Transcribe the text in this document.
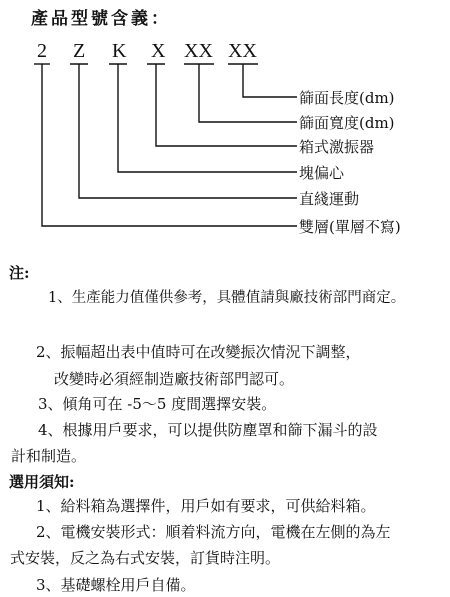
產品型號含義：
2 Z K X XX XX
篩面長度(dm)
篩面寬度(dm)
箱式激振器
塊偏心
直綫運動
雙層(單層不寫)
注:
1、生產能力值僅供參考，具體值請與廠技術部門商定。
2、振幅超出表中值時可在改變振次情況下調整，
改變時必須經制造廠技術部門認可。
3、傾角可在 -5～5 度間選擇安裝。
4、根據用戶要求，可以提供防塵罩和篩下漏斗的設
計和制造。
選用須知:
1、給料箱為選擇件，用戶如有要求，可供給料箱。
2、電機安裝形式：順着料流方向，電機在左側的為左
式安裝，反之為右式安裝，訂貨時注明。
3、基礎螺栓用戶自備。
